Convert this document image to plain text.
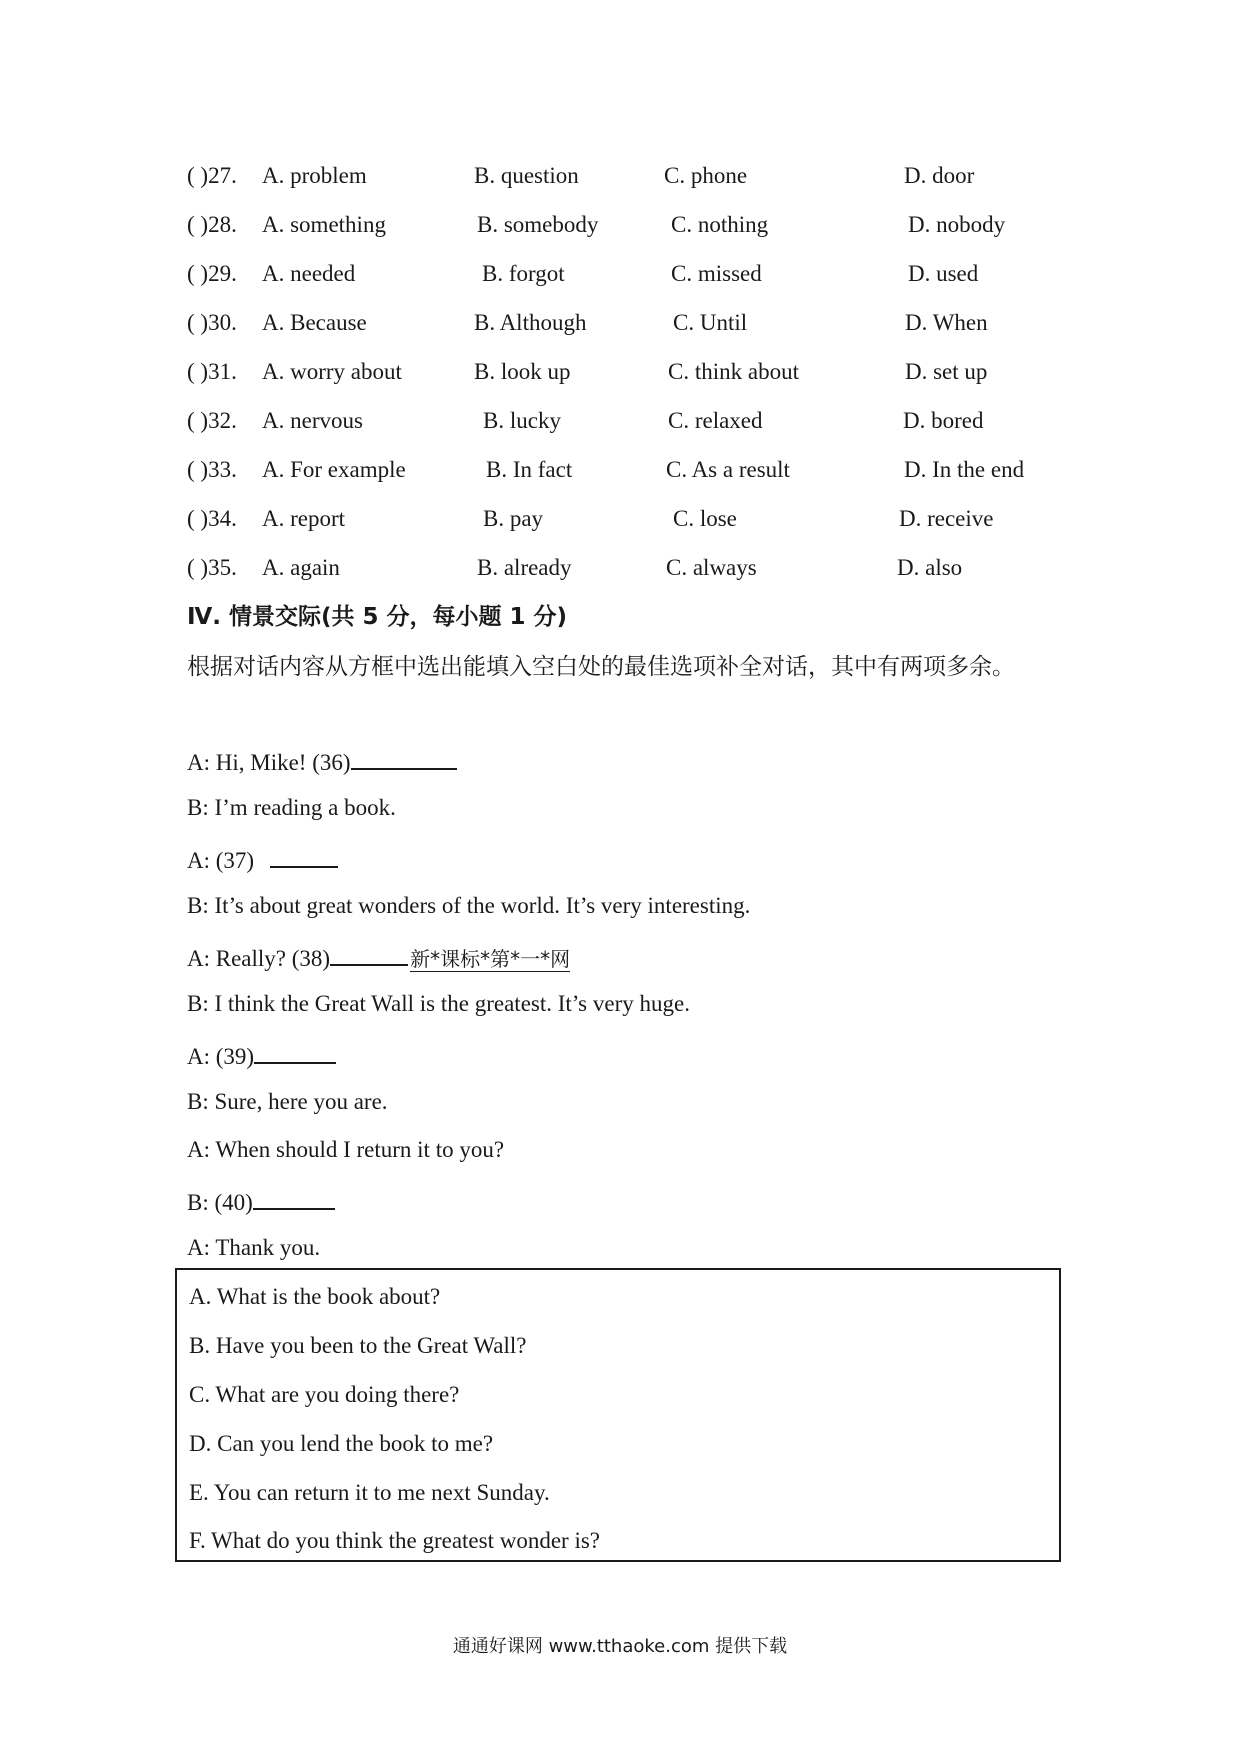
( )27. A. problem	B. question	C. phone	D. door
( )28. A. something	B. somebody	C. nothing	D. nobody
( )29. A. needed	B. forgot	C. missed	D. used
( )30. A. Because	B. Although	C. Until	D. When
( )31. A. worry about	B. look up	C. think about	D. set up
( )32. A. nervous	B. lucky	C. relaxed	D. bored
( )33. A. For example	B. In fact	C. As a result	D. In the end
( )34. A. report	B. pay	C. lose	D. receive
( )35. A. again	B. already	C. always	D. also
Ⅳ. 情景交际(共 5 分，每小题 1 分)
根据对话内容从方框中选出能填入空白处的最佳选项补全对话，其中有两项多余。
A: Hi, Mike! (36)
B: I’m reading a book.
A: (37)
B: It’s about great wonders of the world. It’s very interesting.
A: Really? (38)	新*课标*第*一*网
B: I think the Great Wall is the greatest. It’s very huge.
A: (39)
B: Sure, here you are.
A: When should I return it to you?
B: (40)
A: Thank you.
A. What is the book about?
B. Have you been to the Great Wall?
C. What are you doing there?
D. Can you lend the book to me?
E. You can return it to me next Sunday.
F. What do you think the greatest wonder is?
通通好课网 www.tthaoke.com 提供下载
